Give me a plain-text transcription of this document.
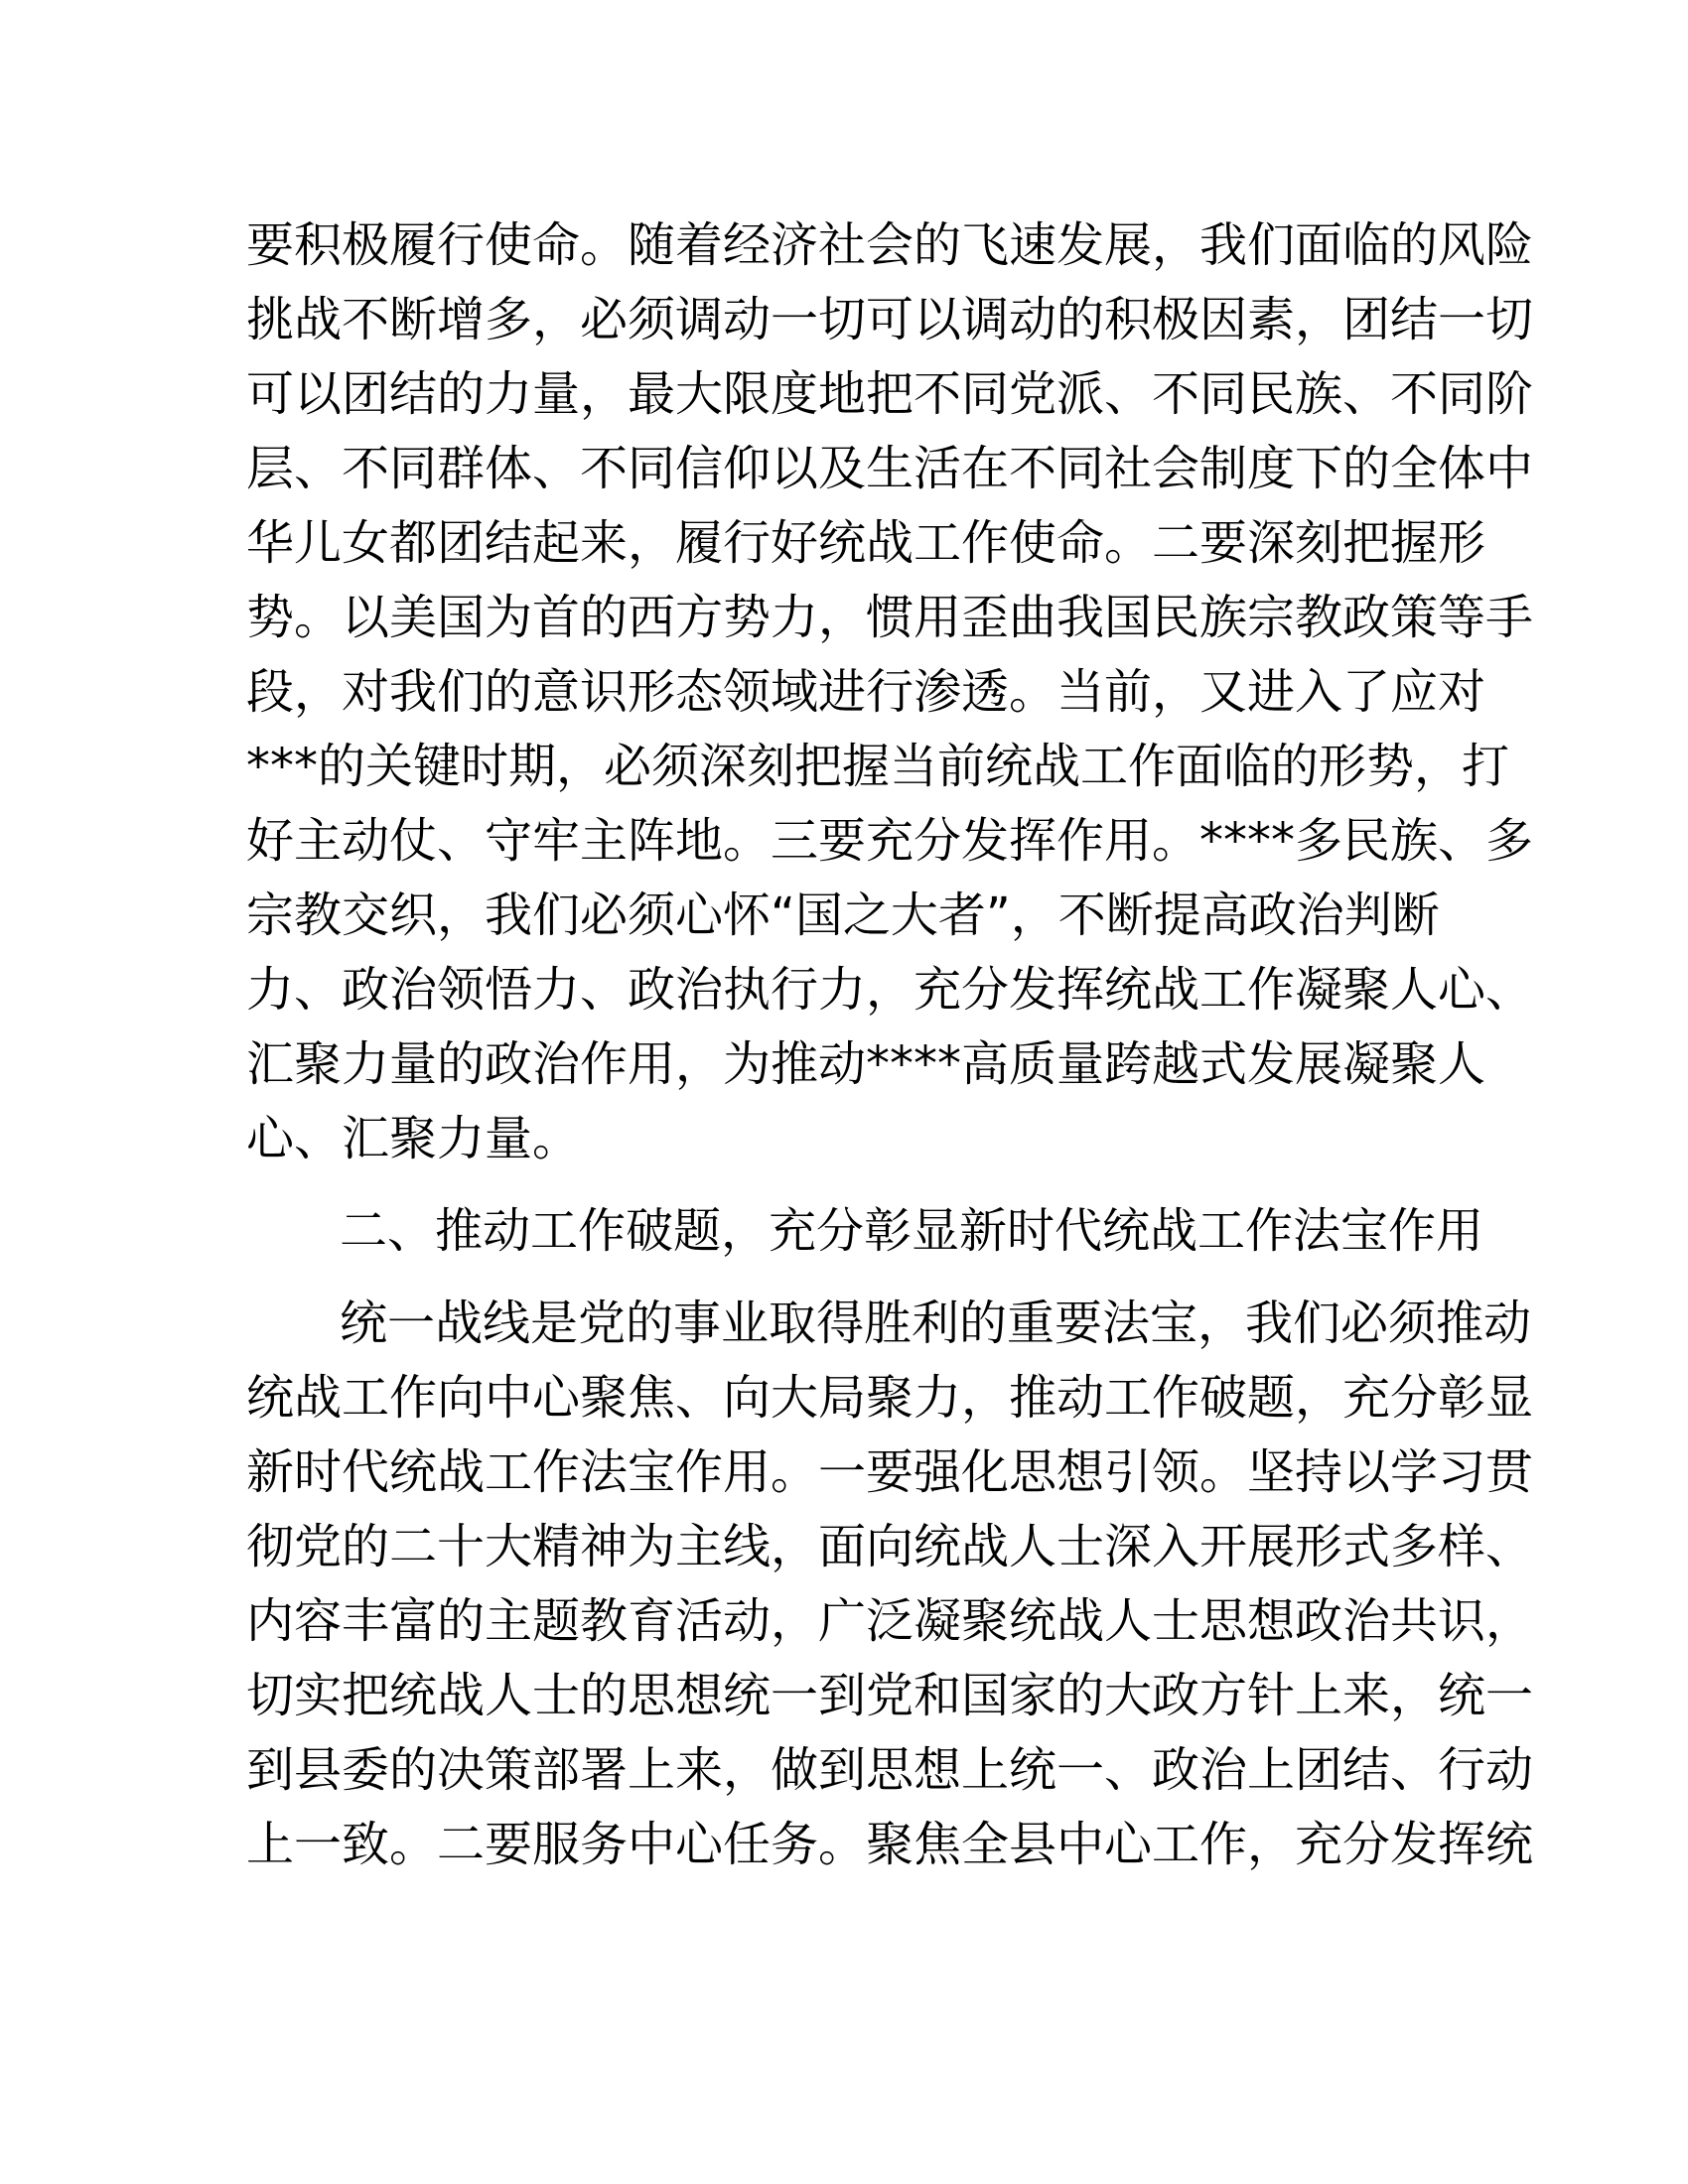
要积极履行使命。随着经济社会的飞速发展，我们面临的风险
挑战不断增多，必须调动一切可以调动的积极因素，团结一切
可以团结的力量，最大限度地把不同党派、不同民族、不同阶
层、不同群体、不同信仰以及生活在不同社会制度下的全体中
华儿女都团结起来，履行好统战工作使命。二要深刻把握形
势。以美国为首的西方势力，惯用歪曲我国民族宗教政策等手
段，对我们的意识形态领域进行渗透。当前，又进入了应对
***的关键时期，必须深刻把握当前统战工作面临的形势，打
好主动仗、守牢主阵地。三要充分发挥作用。****多民族、多
宗教交织，我们必须心怀“国之大者”，不断提高政治判断
力、政治领悟力、政治执行力，充分发挥统战工作凝聚人心、
汇聚力量的政治作用，为推动****高质量跨越式发展凝聚人
心、汇聚力量。
二、推动工作破题，充分彰显新时代统战工作法宝作用
统一战线是党的事业取得胜利的重要法宝，我们必须推动
统战工作向中心聚焦、向大局聚力，推动工作破题，充分彰显
新时代统战工作法宝作用。一要强化思想引领。坚持以学习贯
彻党的二十大精神为主线，面向统战人士深入开展形式多样、
内容丰富的主题教育活动，广泛凝聚统战人士思想政治共识，
切实把统战人士的思想统一到党和国家的大政方针上来，统一
到县委的决策部署上来，做到思想上统一、政治上团结、行动
上一致。二要服务中心任务。聚焦全县中心工作，充分发挥统
